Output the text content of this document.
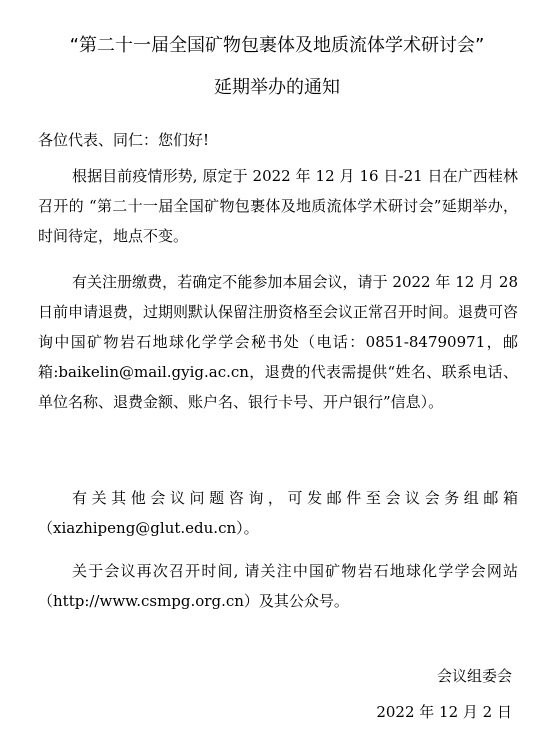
“第二十一届全国矿物包裹体及地质流体学术研讨会”
延期举办的通知
各位代表、同仁：您们好!
根据目前疫情形势, 原定于 2022 年 12 月 16 日-21 日在广西桂林召开的 “第二十一届全国矿物包裹体及地质流体学术研讨会”延期举办，时间待定，地点不变。
有关注册缴费，若确定不能参加本届会议，请于 2022 年 12 月 28 日前申请退费，过期则默认保留注册资格至会议正常召开时间。退费可咨询中国矿物岩石地球化学学会秘书处（电话：0851-84790971，邮箱:baikelin@mail.gyig.ac.cn，退费的代表需提供“姓名、联系电话、单位名称、退费金额、账户名、银行卡号、开户银行”信息）。
有关其他会议问题咨询，可发邮件至会议会务组邮箱（xiazhipeng@glut.edu.cn）。
关于会议再次召开时间, 请关注中国矿物岩石地球化学学会网站（http://www.csmpg.org.cn）及其公众号。
会议组委会
2022 年 12 月 2 日
